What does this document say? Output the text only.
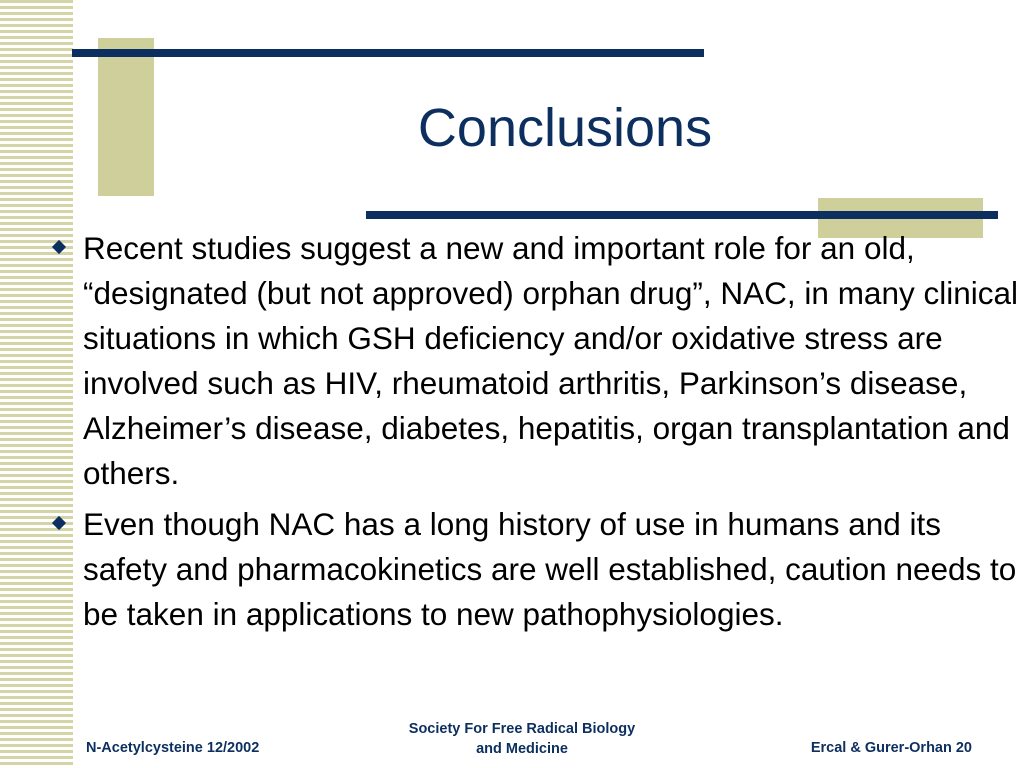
Conclusions
Recent studies suggest a new and important role for an old, “designated (but not approved) orphan drug”, NAC, in many clinical situations in which GSH deficiency and/or oxidative stress are involved such as HIV, rheumatoid arthritis, Parkinson’s disease, Alzheimer’s disease, diabetes, hepatitis, organ transplantation and others.
Even though NAC has a long history of use in humans and its safety and pharmacokinetics are well established, caution needs to be taken in applications to new pathophysiologies.
N-Acetylcysteine 12/2002
Society For Free Radical Biology
and Medicine	Ercal & Gurer-Orhan 20
